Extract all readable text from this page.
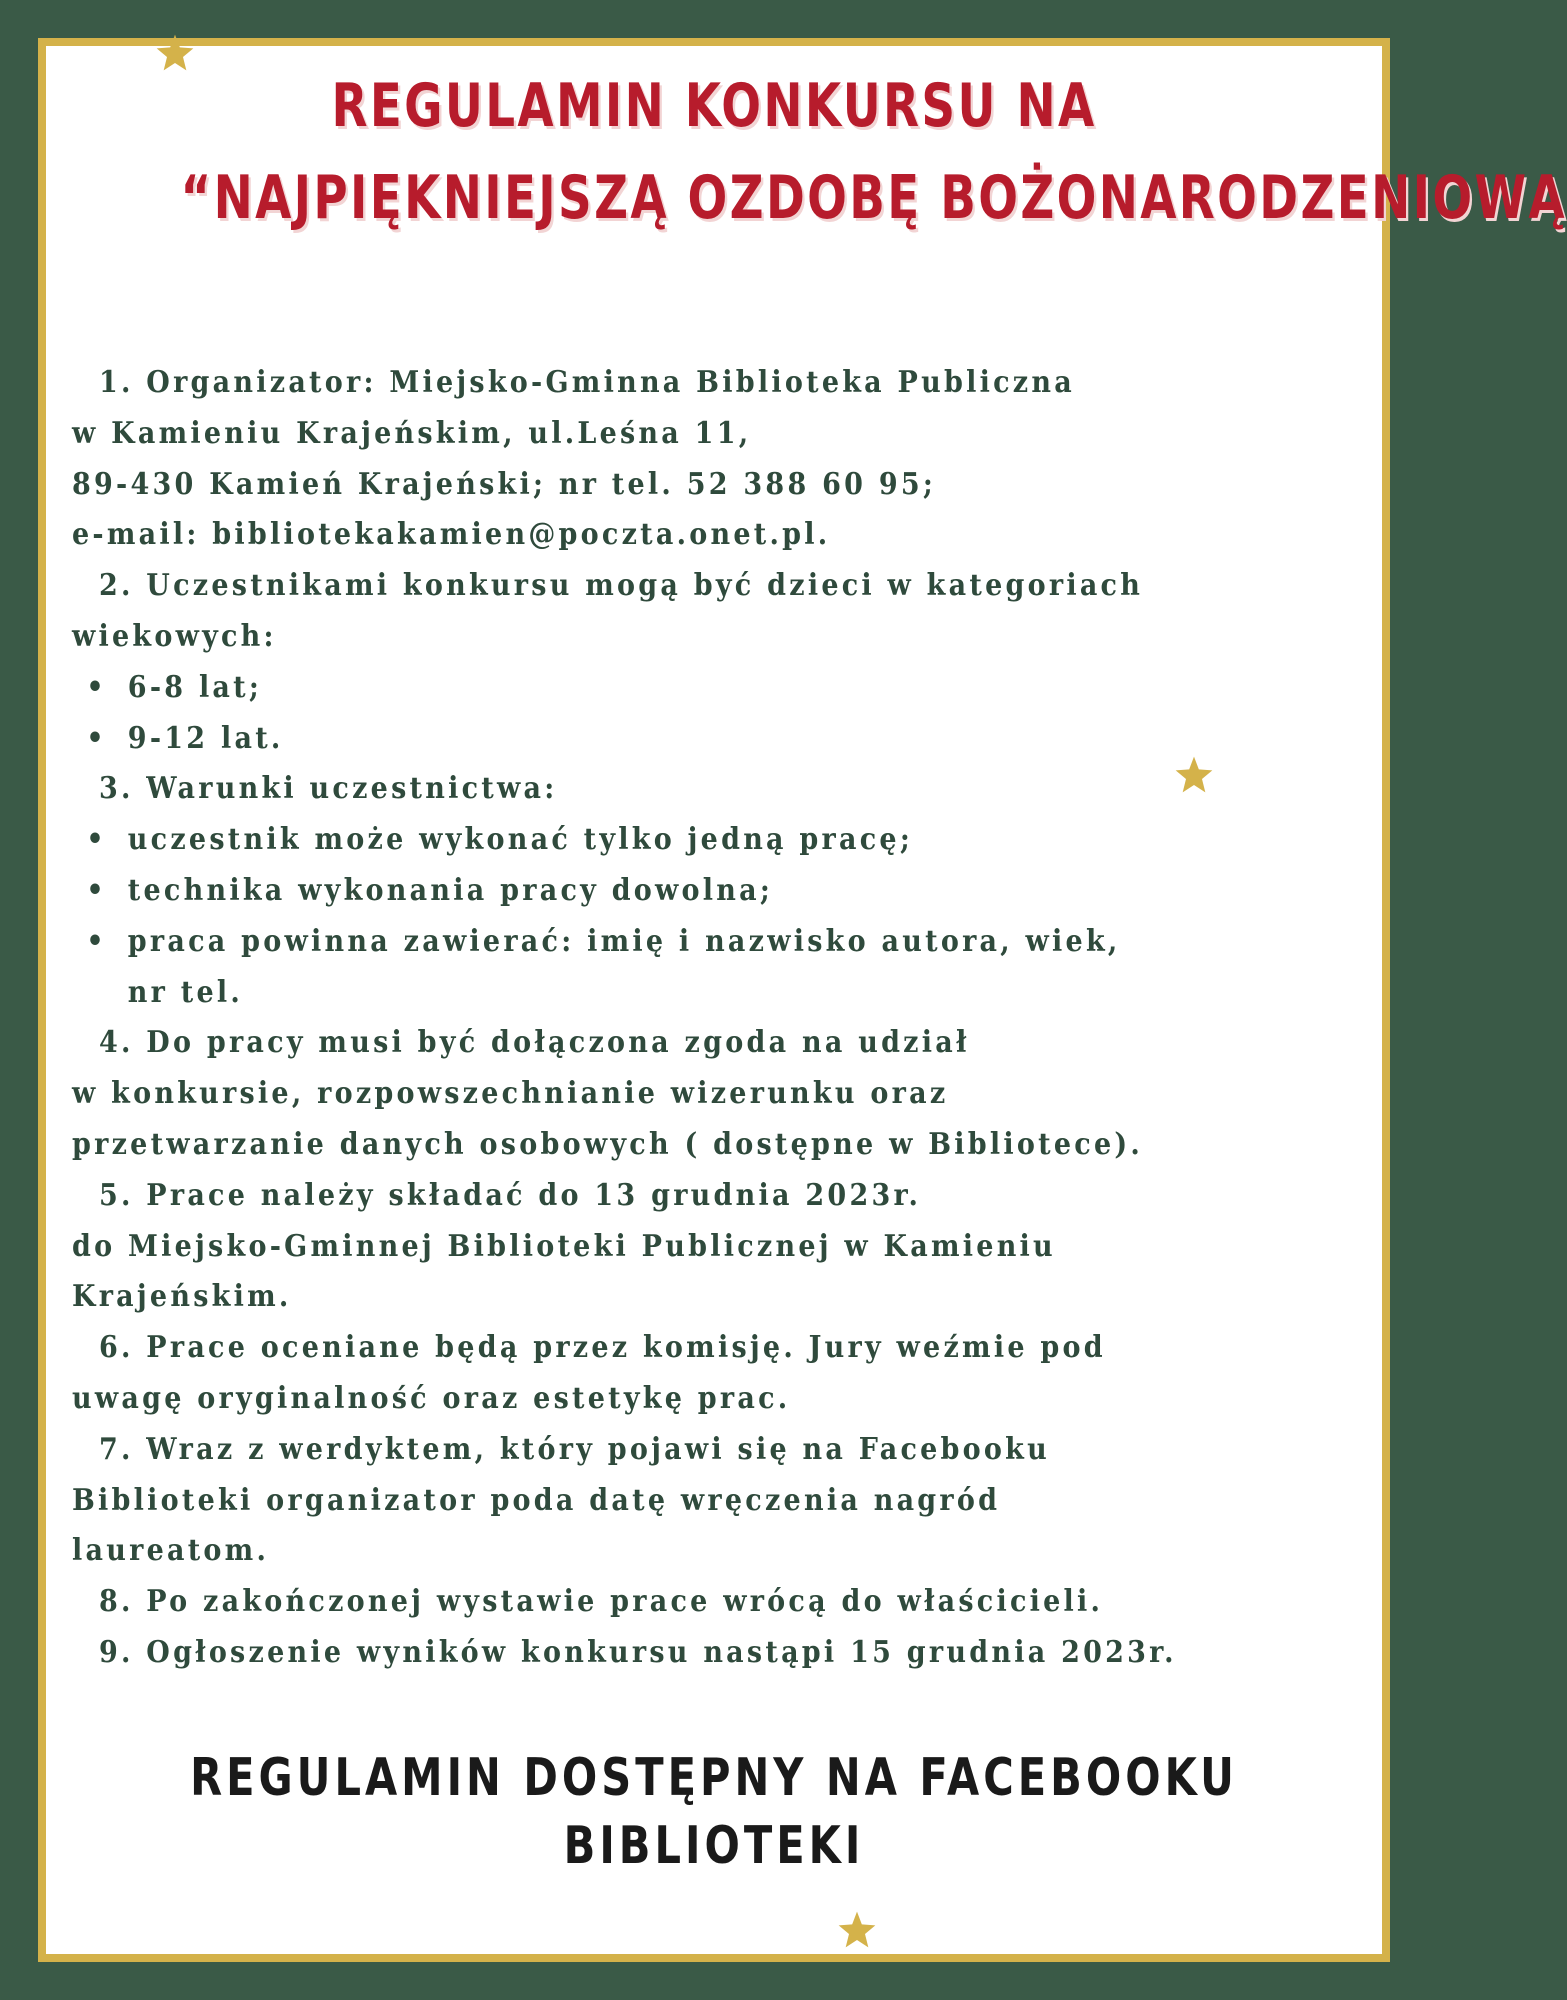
REGULAMIN KONKURSU NA
“NAJPIĘKNIEJSZĄ OZDOBĘ BOŻONARODZENIOWĄ

1. Organizator: Miejsko-Gminna Biblioteka Publiczna

w Kamieniu Krajeńskim, ul.Leśna 11,

89-430 Kamień Krajeński; nr tel. 52 388 60 95;

e-mail: bibliotekakamien@poczta.onet.pl.

2. Uczestnikami konkursu mogą być dzieci w kategoriach

wiekowych:

• 6-8 lat;
• 9-12 lat.

3. Warunki uczestnictwa:

• uczestnik może wykonać tylko jedną pracę;
• technika wykonania pracy dowolna;
• praca powinna zawierać: imię i nazwisko autora, wiek,
nr tel.

4. Do pracy musi być dołączona zgoda na udział

w konkursie, rozpowszechnianie wizerunku oraz

przetwarzanie danych osobowych ( dostępne w Bibliotece).

5. Prace należy składać do 13 grudnia 2023r.

do Miejsko-Gminnej Biblioteki Publicznej w Kamieniu

Krajeńskim.

6. Prace oceniane będą przez komisję. Jury weźmie pod

uwagę oryginalność oraz estetykę prac.

7. Wraz z werdyktem, który pojawi się na Facebooku

Biblioteki organizator poda datę wręczenia nagród

laureatom.

8. Po zakończonej wystawie prace wrócą do właścicieli.

9. Ogłoszenie wyników konkursu nastąpi 15 grudnia 2023r.

REGULAMIN DOSTĘPNY NA FACEBOOKU
BIBLIOTEKI
